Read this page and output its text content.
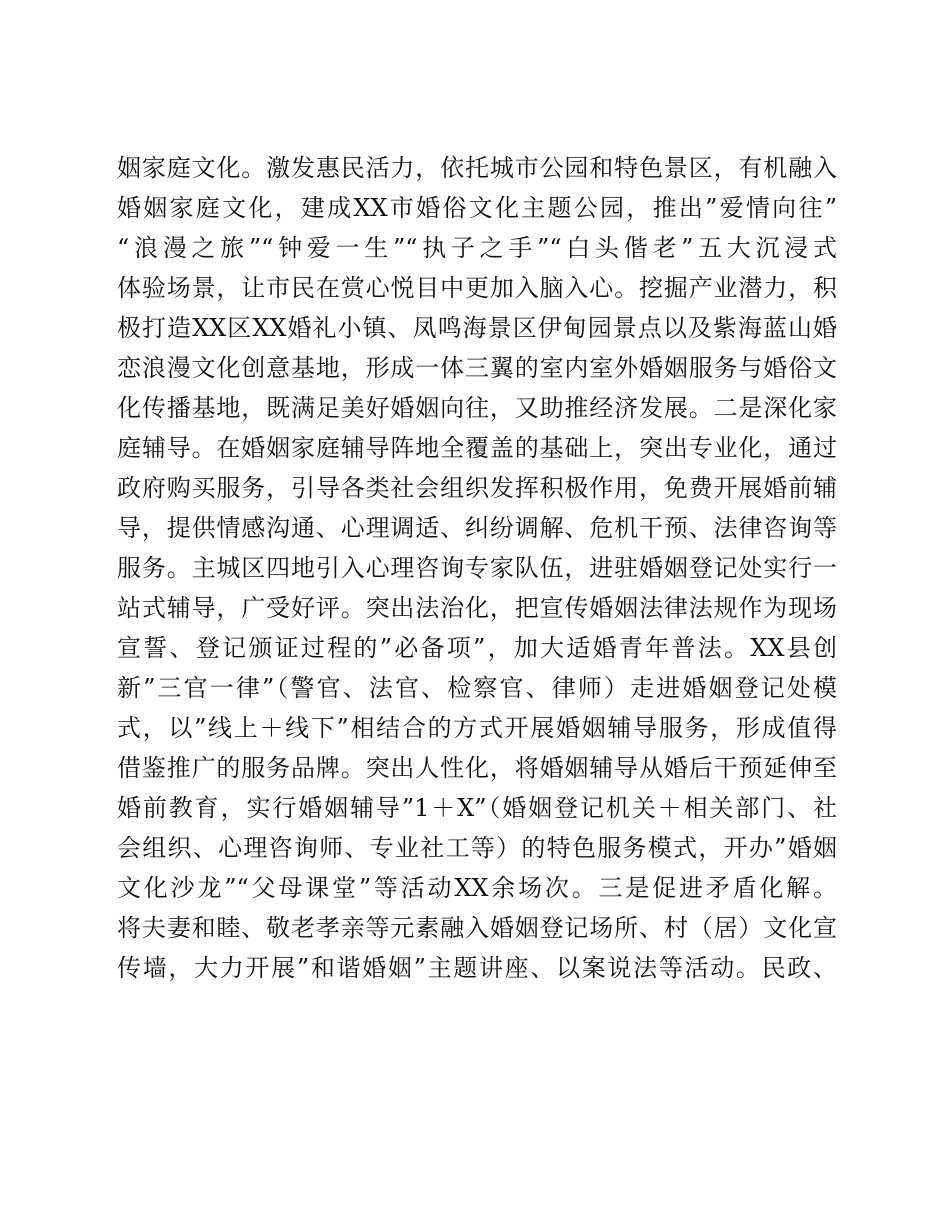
姻家庭文化。激发惠民活力，依托城市公园和特色景区，有机融入
婚姻家庭文化，建成XX市婚俗文化主题公园，推出”爱情向往”
“浪漫之旅”“钟爱一生”“执子之手”“白头偕老”五大沉浸式
体验场景，让市民在赏心悦目中更加入脑入心。挖掘产业潜力，积
极打造XX区XX婚礼小镇、凤鸣海景区伊甸园景点以及紫海蓝山婚
恋浪漫文化创意基地，形成一体三翼的室内室外婚姻服务与婚俗文
化传播基地，既满足美好婚姻向往，又助推经济发展。二是深化家
庭辅导。在婚姻家庭辅导阵地全覆盖的基础上，突出专业化，通过
政府购买服务，引导各类社会组织发挥积极作用，免费开展婚前辅
导，提供情感沟通、心理调适、纠纷调解、危机干预、法律咨询等
服务。主城区四地引入心理咨询专家队伍，进驻婚姻登记处实行一
站式辅导，广受好评。突出法治化，把宣传婚姻法律法规作为现场
宣誓、登记颁证过程的”必备项”，加大适婚青年普法。XX县创
新”三官一律”（警官、法官、检察官、律师）走进婚姻登记处模
式，以”线上＋线下”相结合的方式开展婚姻辅导服务，形成值得
借鉴推广的服务品牌。突出人性化，将婚姻辅导从婚后干预延伸至
婚前教育，实行婚姻辅导”1＋X”（婚姻登记机关＋相关部门、社
会组织、心理咨询师、专业社工等）的特色服务模式，开办”婚姻
文化沙龙”“父母课堂”等活动XX余场次。三是促进矛盾化解。
将夫妻和睦、敬老孝亲等元素融入婚姻登记场所、村（居）文化宣
传墙，大力开展”和谐婚姻”主题讲座、以案说法等活动。民政、
